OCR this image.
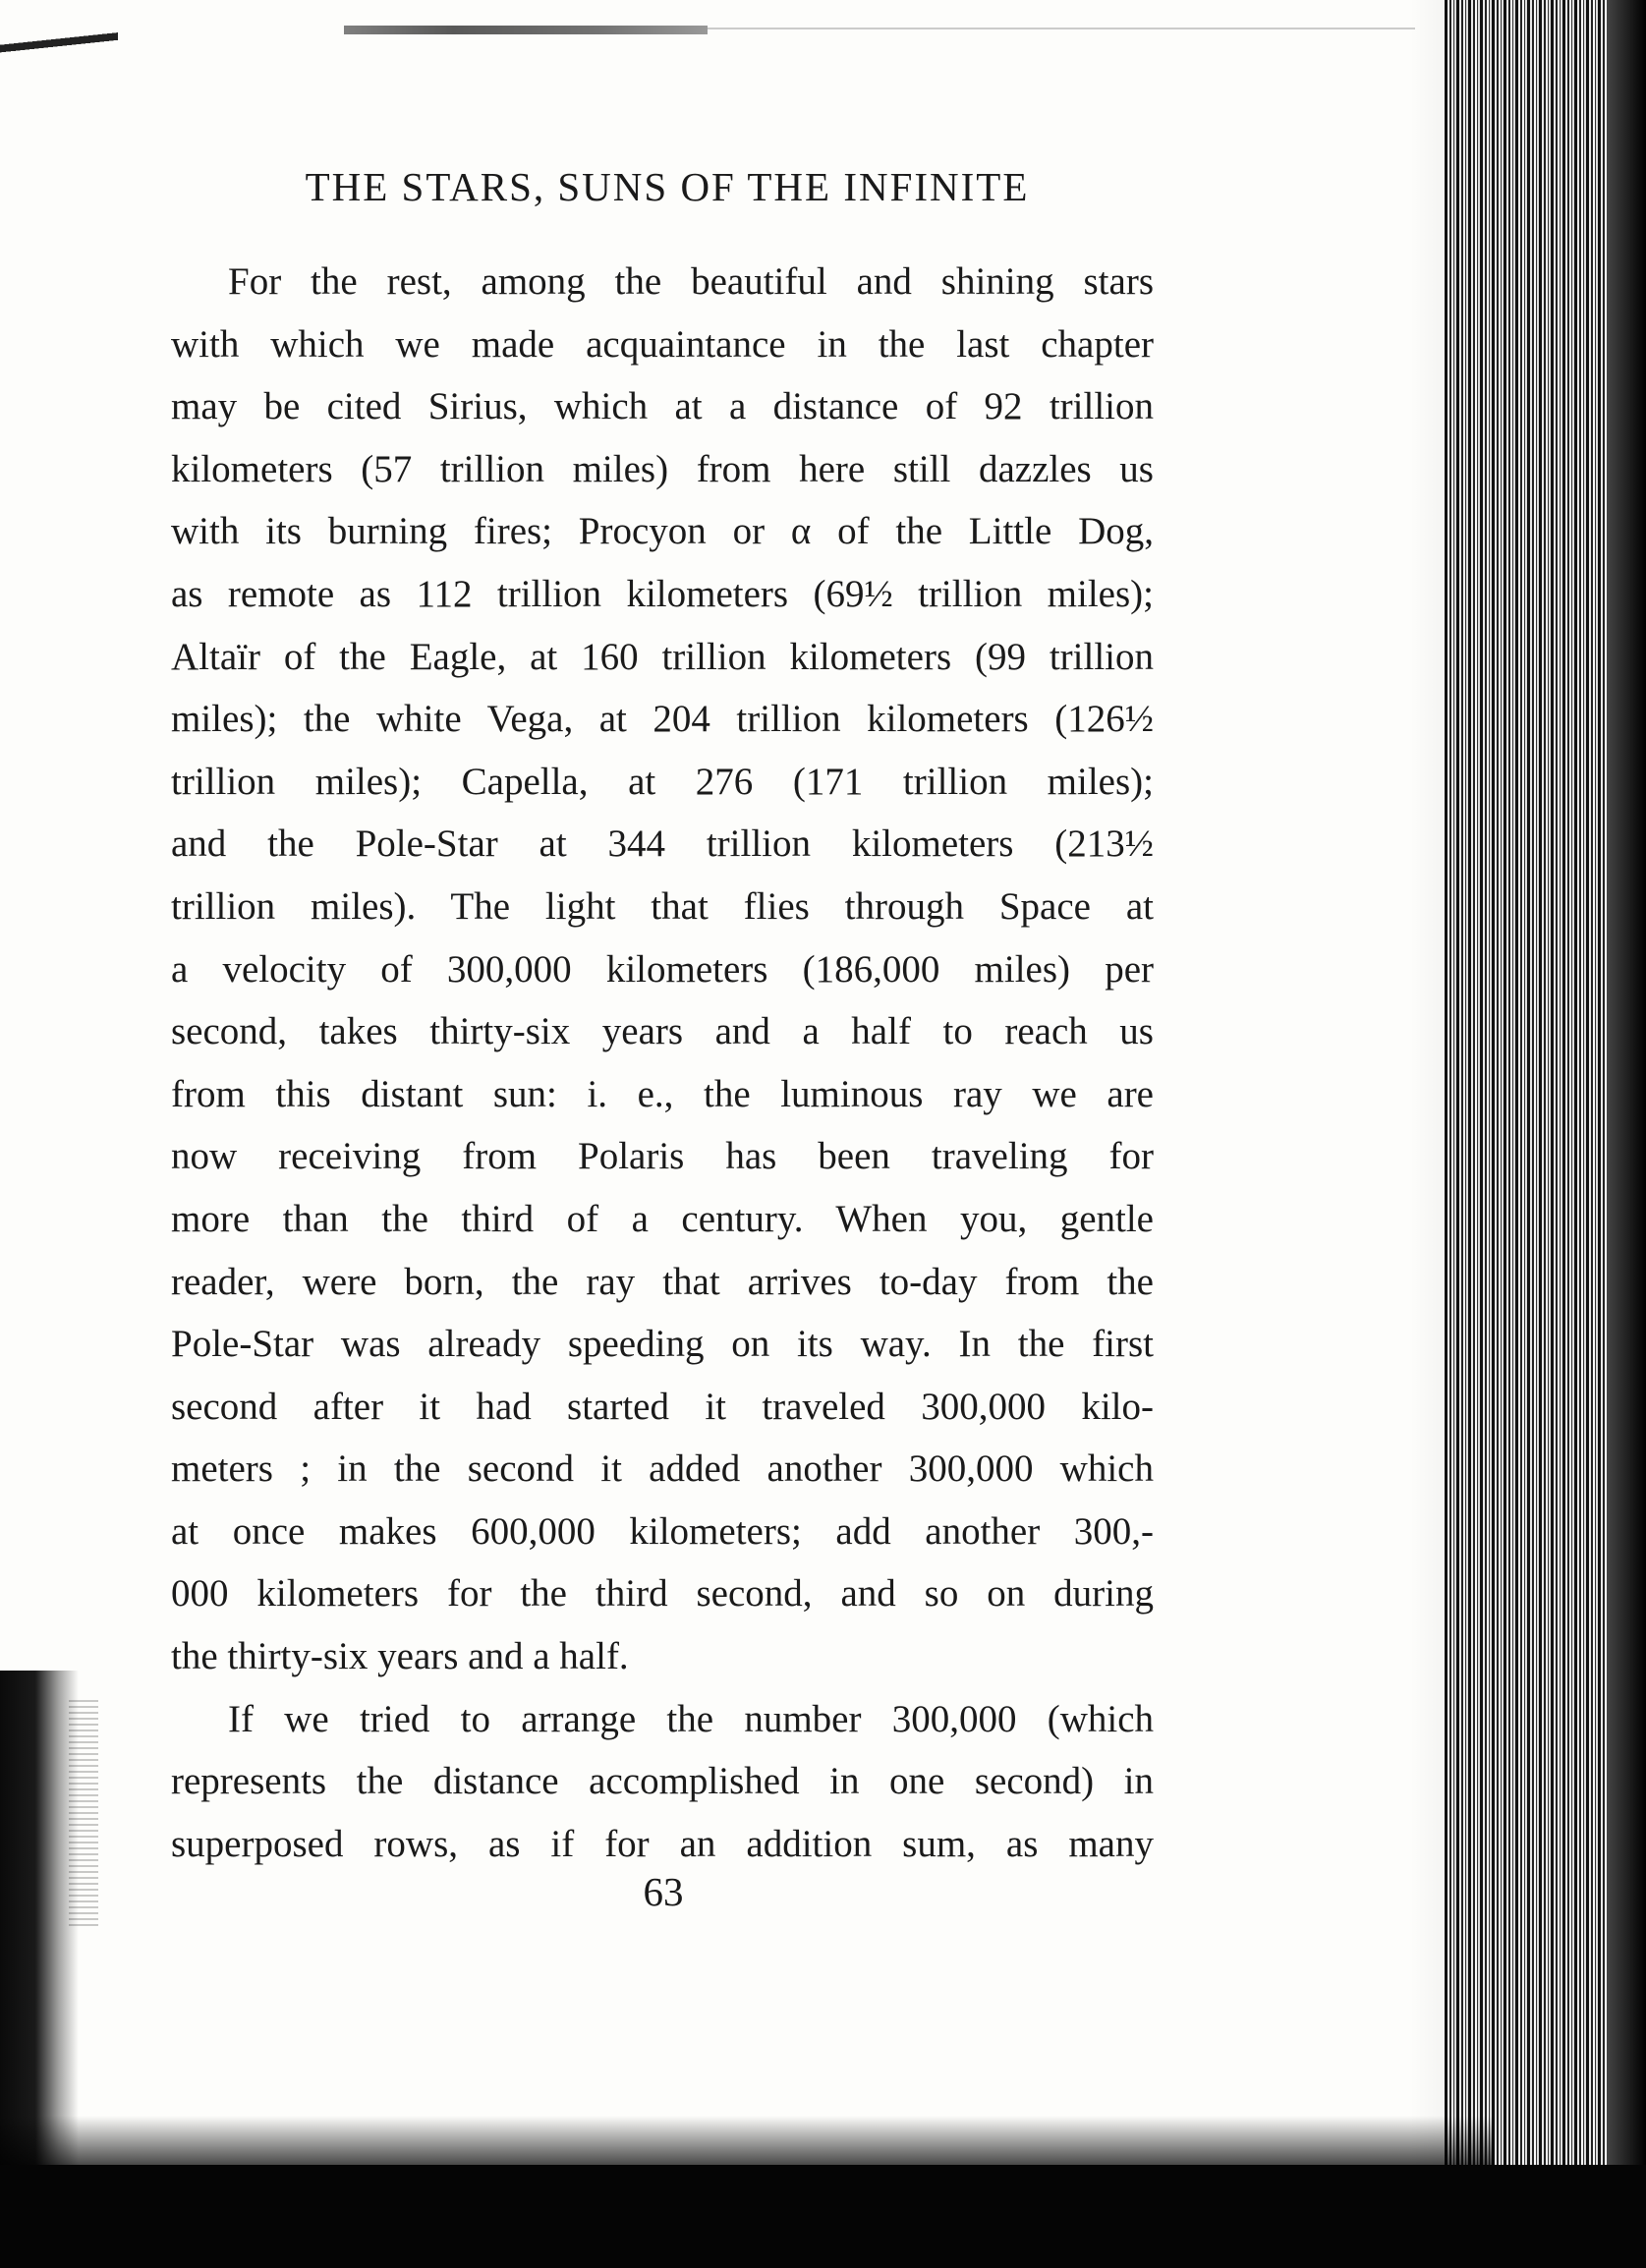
THE STARS, SUNS OF THE INFINITE
For the rest, among the beautiful and shining stars
with which we made acquaintance in the last chapter
may be cited Sirius, which at a distance of 92 trillion
kilometers (57 trillion miles) from here still dazzles us
with its burning fires; Procyon or α of the Little Dog,
as remote as 112 trillion kilometers (69½ trillion miles);
Altaïr of the Eagle, at 160 trillion kilometers (99 trillion
miles); the white Vega, at 204 trillion kilometers (126½
trillion miles); Capella, at 276 (171 trillion miles);
and the Pole-Star at 344 trillion kilometers (213½
trillion miles). The light that flies through Space at
a velocity of 300,000 kilometers (186,000 miles) per
second, takes thirty-six years and a half to reach us
from this distant sun: i. e., the luminous ray we are
now receiving from Polaris has been traveling for
more than the third of a century. When you, gentle
reader, were born, the ray that arrives to-day from the
Pole-Star was already speeding on its way. In the first
second after it had started it traveled 300,000 kilo-
meters ; in the second it added another 300,000 which
at once makes 600,000 kilometers; add another 300,-
000 kilometers for the third second, and so on during
the thirty-six years and a half.
If we tried to arrange the number 300,000 (which
represents the distance accomplished in one second) in
superposed rows, as if for an addition sum, as many
63
